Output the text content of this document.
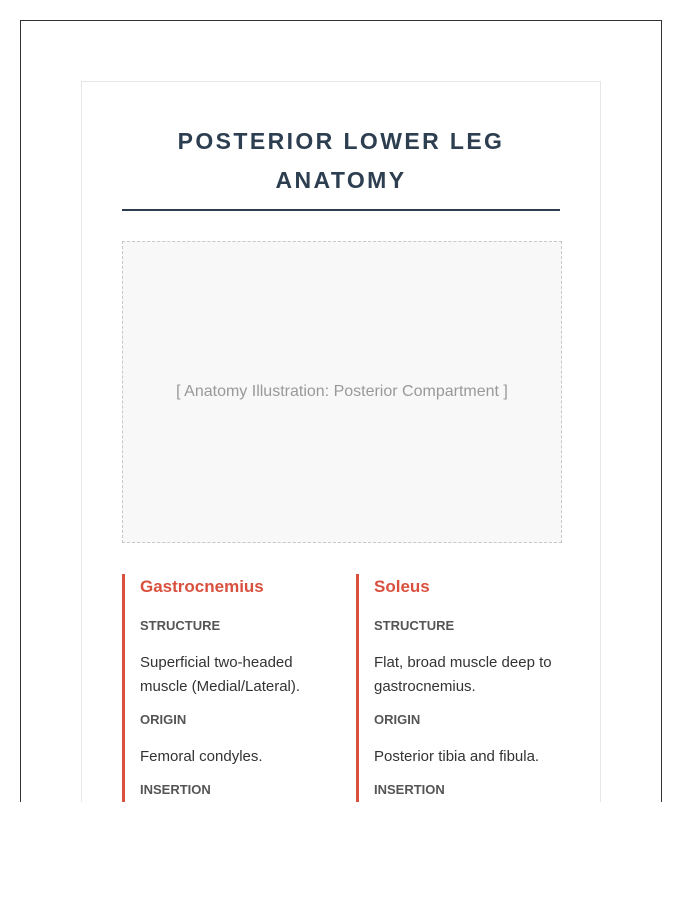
POSTERIOR LOWER LEG ANATOMY
[ Anatomy Illustration: Posterior Compartment ]
Gastrocnemius
STRUCTURE
Superficial two-headed muscle (Medial/Lateral).
ORIGIN
Femoral condyles.
INSERTION
Soleus
STRUCTURE
Flat, broad muscle deep to gastrocnemius.
ORIGIN
Posterior tibia and fibula.
INSERTION
